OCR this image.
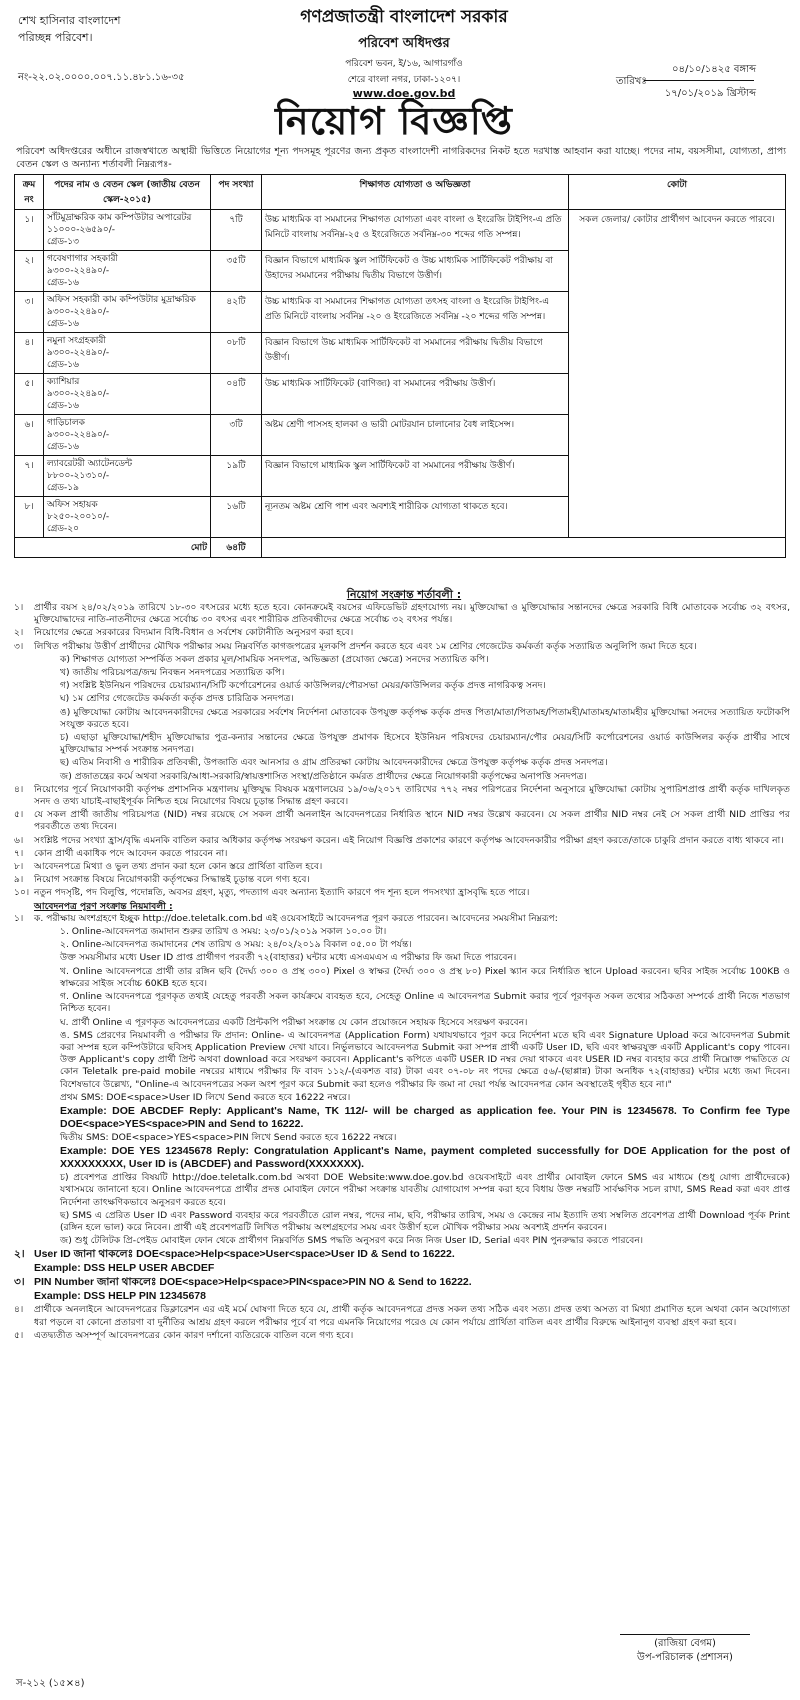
শেখ হাসিনার বাংলাদেশ
পরিচ্ছন্ন পরিবেশ।
গণপ্রজাতন্ত্রী বাংলাদেশ সরকার
পরিবেশ অধিদপ্তর
পরিবেশ ভবন, ই/১৬, আগারগাঁও
শেরে বাংলা নগর, ঢাকা-১২০৭।
www.doe.gov.bd
নং-২২.০২.০০০০.০০৭.১১.৪৮১.১৬-৩৫
০৪/১০/১৪২৫ বঙ্গাব্দ
তারিখঃ
১৭/০১/২০১৯ খ্রিস্টাব্দ
নিয়োগ বিজ্ঞপ্তি
পরিবেশ অধিদপ্তরের অধীনে রাজস্বখাতে অস্থায়ী ভিত্তিতে নিয়োগের শূন্য পদসমূহ পূরণের জন্য প্রকৃত বাংলাদেশী নাগরিকদের নিকট হতে দরখাস্ত আহবান করা যাচ্ছে। পদের নাম, বয়সসীমা, যোগ্যতা, প্রাপ্য বেতন স্কেল ও অন্যান্য শর্তাবলী নিম্নরূপঃ-
ক্রম নং	পদের নাম ও বেতন স্কেল (জাতীয় বেতন স্কেল-২০১৫)	পদ সংখ্যা	শিক্ষাগত যোগ্যতা ও অভিজ্ঞতা	কোটা
১।	সাঁটমুদ্রাক্ষরিক কাম কম্পিউটার অপারেটর
১১০০০-২৬৫৯০/-
গ্রেড-১৩	৭টি	উচ্চ মাধ্যমিক বা সমমানের শিক্ষাগত যোগ্যতা এবং বাংলা ও ইংরেজি টাইপিং-এ প্রতি মিনিটে বাংলায় সর্বনিম্ন-২৫ ও ইংরেজিতে সর্বনিম্ন-৩০ শব্দের গতি সম্পন্ন।	সকল জেলার/ কোটার প্রার্থীগণ আবেদন করতে পারবে।
২।	গবেষণাগার সহকারী
৯৩০০-২২৪৯০/-
গ্রেড-১৬	৩৫টি	বিজ্ঞান বিভাগে মাধ্যমিক স্কুল সার্টিফিকেট ও উচ্চ মাধ্যমিক সার্টিফিকেট পরীক্ষায় বা উহাদের সমমানের পরীক্ষায় দ্বিতীয় বিভাগে উত্তীর্ণ।	
৩।	অফিস সহকারী কাম কম্পিউটার মুদ্রাক্ষরিক
৯৩০০-২২৪৯০/-
গ্রেড-১৬	৪২টি	উচ্চ মাধ্যমিক বা সমমানের শিক্ষাগত যোগ্যতা তৎসহ বাংলা ও ইংরেজি টাইপিং-এ প্রতি মিনিটে বাংলায় সর্বনিম্ন -২০ ও ইংরেজিতে সর্বনিম্ন -২০ শব্দের গতি সম্পন্ন।	
৪।	নমুনা সংগ্রহকারী
৯৩০০-২২৪৯০/-
গ্রেড-১৬	০৮টি	বিজ্ঞান বিভাগে উচ্চ মাধ্যমিক সার্টিফিকেট বা সমমানের পরীক্ষায় দ্বিতীয় বিভাগে উত্তীর্ণ।	
৫।	ক্যাশিয়ার
৯৩০০-২২৪৯০/-
গ্রেড-১৬	০৪টি	উচ্চ মাধ্যমিক সার্টিফিকেট (বাণিজ্য) বা সমমানের পরীক্ষায় উত্তীর্ণ।	
৬।	গাড়িচালক
৯৩০০-২২৪৯০/-
গ্রেড-১৬	৩টি	অষ্টম শ্রেণী পাসসহ হালকা ও ভারী মোটরযান চালানোর বৈধ লাইসেন্স।	
৭।	ল্যাবরেটরী অ্যাটেনডেন্ট
৮৮০০-২১৩১০/-
গ্রেড-১৯	১৯টি	বিজ্ঞান বিভাগে মাধ্যমিক স্কুল সার্টিফিকেট বা সমমানের পরীক্ষায় উত্তীর্ণ।	
৮।	অফিস সহায়ক
৮২৫০-২০০১০/-
গ্রেড-২০	১৬টি	ন্যূনতম অষ্টম শ্রেণি পাশ এবং অবশ্যই শারীরিক যোগ্যতা থাকতে হবে।	
মোট		৬৪টি		
নিয়োগ সংক্রান্ত শর্তাবলী :
১।	প্রার্থীর বয়স ২৪/০২/২০১৯ তারিখে ১৮-৩০ বৎসরের মধ্যে হতে হবে। কোনক্রমেই বয়সের এফিডেভিট গ্রহণযোগ্য নয়। মুক্তিযোদ্ধা ও মুক্তিযোদ্ধার সন্তানদের ক্ষেত্রে সরকারি বিধি মোতাবেক সর্বোচ্চ ৩২ বৎসর, মুক্তিযোদ্ধাদের নাতি-নাতনীদের ক্ষেত্রে সর্বোচ্চ ৩০ বৎসর এবং শারীরিক প্রতিবন্ধীদের ক্ষেত্রে সর্বোচ্চ ৩২ বৎসর পর্যন্ত।
২।	নিয়োগের ক্ষেত্রে সরকারের বিদ্যমান বিধি-বিধান ও সর্বশেষ কোটানীতি অনুসরণ করা হবে।
৩।	লিখিত পরীক্ষায় উত্তীর্ণ প্রার্থীদের মৌখিক পরীক্ষার সময় নিম্নবর্ণিত কাগজপত্রের মূলকপি প্রদর্শন করতে হবে এবং ১ম শ্রেণির গেজেটেড কর্মকর্তা কর্তৃক সত্যায়িত অনুলিপি জমা দিতে হবে।
ক) শিক্ষাগত যোগ্যতা সম্পর্কিত সকল প্রকার মূল/সাময়িক সনদপত্র, অভিজ্ঞতা (প্রযোজ্য ক্ষেত্রে) সনদের সত্যায়িত কপি।
খ) জাতীয় পরিচয়পত্র/জন্ম নিবন্ধন সনদপত্রের সত্যায়িত কপি।
গ) সংশ্লিষ্ট ইউনিয়ন পরিষদের চেয়ারম্যান/সিটি কর্পোরেশনের ওয়ার্ড কাউন্সিলর/পৌরসভা মেয়র/কাউন্সিলর কর্তৃক প্রদত্ত নাগরিকত্ব সনদ।
ঘ) ১ম শ্রেণির গেজেটেড কর্মকর্তা কর্তৃক প্রদত্ত চারিত্রিক সনদপত্র।
ঙ) মুক্তিযোদ্ধা কোটায় আবেদনকারীদের ক্ষেত্রে সরকারের সর্বশেষ নির্দেশনা মোতাবেক উপযুক্ত কর্তৃপক্ষ কর্তৃক প্রদত্ত পিতা/মাতা/পিতামহ/পিতামহী/মাতামহ/মাতামহীর মুক্তিযোদ্ধা সনদের সত্যায়িত ফটোকপি সংযুক্ত করতে হবে।
চ) এছাড়া মুক্তিযোদ্ধা/শহীদ মুক্তিযোদ্ধার পুত্র-কন্যার সন্তানের ক্ষেত্রে উপযুক্ত প্রমাণক হিসেবে ইউনিয়ন পরিষদের চেয়ারম্যান/পৌর মেয়র/সিটি কর্পোরেশনের ওয়ার্ড কাউন্সিলর কর্তৃক প্রার্থীর সাথে মুক্তিযোদ্ধার সম্পর্ক সংক্রান্ত সনদপত্র।
ছ) এতিম নিবাসী ও শারীরিক প্রতিবন্ধী, উপজাতি এবং আনসার ও গ্রাম প্রতিরক্ষা কোটায় আবেদনকারীদের ক্ষেত্রে উপযুক্ত কর্তৃপক্ষ কর্তৃক প্রদত্ত সনদপত্র।
জ) প্রজাতন্ত্রের কর্মে অথবা সরকারি/আধা-সরকারি/স্বায়ত্তশাসিত সংস্থা/প্রতিষ্ঠানে কর্মরত প্রার্থীদের ক্ষেত্রে নিয়োগকারী কর্তৃপক্ষের অনাপত্তি সনদপত্র।
৪।	নিয়োগের পূর্বে নিয়োগকারী কর্তৃপক্ষ প্রশাসনিক মন্ত্রণালয় মুক্তিযুদ্ধ বিষয়ক মন্ত্রণালয়ের ১৯/০৬/২০১৭ তারিখের ৭৭২ নম্বর পরিপত্রের নির্দেশনা অনুসারে মুক্তিযোদ্ধা কোটায় সুপারিশপ্রাপ্ত প্রার্থী কর্তৃক দাখিলকৃত সনদ ও তথ্য যাচাই-বাছাইপূর্বক নিশ্চিত হয়ে নিয়োগের বিষয়ে চূড়ান্ত সিদ্ধান্ত গ্রহণ করবে।
৫।	যে সকল প্রার্থী জাতীয় পরিচয়পত্র (NID) নম্বর রয়েছে সে সকল প্রার্থী অনলাইন আবেদনপত্রের নির্ধারিত স্থানে NID নম্বর উল্লেখ করবেন। যে সকল প্রার্থীর NID নম্বর নেই সে সকল প্রার্থী NID প্রাপ্তির পর পরবর্তীতে তথ্য দিবেন।
৬।	সংশ্লিষ্ট পদের সংখ্যা হ্রাস/বৃদ্ধি এমনকি বাতিল করার অধিকার কর্তৃপক্ষ সংরক্ষণ করেন। এই নিয়োগ বিজ্ঞপ্তি প্রকাশের কারণে কর্তৃপক্ষ আবেদনকারীর পরীক্ষা গ্রহণ করতে/তাকে চাকুরি প্রদান করতে বাধ্য থাকবে না।
৭।	কোন প্রার্থী একাধিক পদে আবেদন করতে পারবেন না।
৮।	আবেদনপত্রে মিথ্যা ও ভুল তথ্য প্রদান করা হলে কোন স্তরে প্রার্থিতা বাতিল হবে।
৯।	নিয়োগ সংক্রান্ত বিষয়ে নিয়োগকারী কর্তৃপক্ষের সিদ্ধান্তই চূড়ান্ত বলে গণ্য হবে।
১০। নতুন পদসৃষ্টি, পদ বিলুপ্তি, পদোন্নতি, অবসর গ্রহণ, মৃত্যু, পদত্যাগ এবং অন্যান্য ইত্যাদি কারণে পদ শূন্য হলে পদসংখ্যা হ্রাসবৃদ্ধি হতে পারে।
আবেদনপত্র পূরণ সংক্রান্ত নিয়মাবলী :
১।	ক. পরীক্ষায় অংশগ্রহণে ইচ্ছুক http://doe.teletalk.com.bd এই ওয়েবসাইটে আবেদনপত্র পূরণ করতে পারবেন। আবেদনের সময়সীমা নিম্নরূপ:
১. Online-আবেদনপত্র জমাদান শুরুর তারিখ ও সময়: ২৩/০১/২০১৯ সকাল ১০.০০ টা।
২. Online-আবেদনপত্র জমাদানের শেষ তারিখ ও সময়: ২৪/০২/২০১৯ বিকাল ০৫.০০ টা পর্যন্ত।
উক্ত সময়সীমার মধ্যে User ID প্রাপ্ত প্রার্থীগণ পরবর্তী ৭২(বাহাত্তর) ঘন্টার মধ্যে এসএমএস এ পরীক্ষার ফি জমা দিতে পারবেন।
খ. Online আবেদনপত্রে প্রার্থী তার রঙ্গিন ছবি (দৈর্ঘ্য ৩০০ ও প্রস্থ ৩০০) Pixel ও স্বাক্ষর (দৈর্ঘ্য ৩০০ ও প্রস্থ ৮০) Pixel স্ক্যান করে নির্ধারিত স্থানে Upload করবেন। ছবির সাইজ সর্বোচ্চ 100KB ও স্বাক্ষরের সাইজ সর্বোচ্চ 60KB হতে হবে।
গ. Online আবেদনপত্রে পূরণকৃত তথ্যই যেহেতু পরবর্তী সকল কার্যক্রমে ব্যবহৃত হবে, সেহেতু Online এ আবেদনপত্র Submit করার পূর্বে পূরণকৃত সকল তথ্যের সঠিকতা সম্পর্কে প্রার্থী নিজে শতভাগ নিশ্চিত হবেন।
ঘ. প্রার্থী Online এ পূরণকৃত আবেদনপত্রের একটি প্রিন্টকপি পরীক্ষা সংক্রান্ত যে কোন প্রয়োজনে সহায়ক হিসেবে সংরক্ষণ করবেন।
ঙ. SMS প্রেরণের নিয়মাবলী ও পরীক্ষার ফি প্রদান: Online- এ আবেদনপত্র (Application Form) যথাযথভাবে পূরণ করে নির্দেশনা মতে ছবি এবং Signature Upload করে আবেদনপত্র Submit করা সম্পন্ন হলে কম্পিউটারে ছবিসহ Application Preview দেখা যাবে। নির্ভুলভাবে আবেদনপত্র Submit করা সম্পন্ন প্রার্থী একটি User ID, ছবি এবং স্বাক্ষরযুক্ত একটি Applicant's copy পাবেন। উক্ত Applicant's copy প্রার্থী প্রিন্ট অথবা download করে সংরক্ষণ করবেন। Applicant's কপিতে একটি USER ID নম্বর দেয়া থাকবে এবং USER ID নম্বর ব্যবহার করে প্রার্থী নিম্নোক্ত পদ্ধতিতে যে কোন Teletalk pre-paid mobile নম্বরের মাধ্যমে পরীক্ষার ফি বাবদ ১১২/-(একশত বার) টাকা এবং ০৭-০৮ নং পদের ক্ষেত্রে ৫৬/-(ছাপ্পান্ন) টাকা অনধিক ৭২(বাহাত্তর) ঘন্টার মধ্যে জমা দিবেন। বিশেষভাবে উল্লেখ্য, "Online-এ আবেদনপত্রের সকল অংশ পূরণ করে Submit করা হলেও পরীক্ষার ফি জমা না দেয়া পর্যন্ত আবেদনপত্র কোন অবস্থাতেই গৃহীত হবে না।"
প্রথম SMS: DOE<space>User ID লিখে Send করতে হবে 16222 নম্বরে।
Example: DOE ABCDEF Reply: Applicant's Name, TK 112/- will be charged as application fee. Your PIN is 12345678. To Confirm fee Type DOE<space>YES<space>PIN and Send to 16222.
দ্বিতীয় SMS: DOE<space>YES<space>PIN লিখে Send করতে হবে 16222 নম্বরে।
Example: DOE YES 12345678 Reply: Congratulation Applicant's Name, payment completed successfully for DOE Application for the post of XXXXXXXXX, User ID is (ABCDEF) and Password(XXXXXXX).
চ) প্রবেশপত্র প্রাপ্তির বিষয়টি http://doe.teletalk.com.bd অথবা DOE Website:www.doe.gov.bd ওয়েবসাইটে এবং প্রার্থীর মোবাইল ফোনে SMS এর মাধ্যমে (শুধু যোগ্য প্রার্থীদেরকে) যথাসময়ে জানানো হবে। Online আবেদনপত্রে প্রার্থীর প্রদত্ত মোবাইল ফোনে পরীক্ষা সংক্রান্ত যাবতীয় যোগাযোগ সম্পন্ন করা হবে বিধায় উক্ত নম্বরটি সার্বক্ষণিক সচল রাখা, SMS Read করা এবং প্রাপ্ত নির্দেশনা তাৎক্ষণিকভাবে অনুসরণ করতে হবে।
ছ) SMS এ প্রেরিত User ID এবং Password ব্যবহার করে পরবর্তীতে রোল নম্বর, পদের নাম, ছবি, পরীক্ষার তারিখ, সময় ও কেন্দ্রের নাম ইত্যাদি তথ্য সম্বলিত প্রবেশপত্র প্রার্থী Download পূর্বক Print (রঙ্গিন হলে ভাল) করে নিবেন। প্রার্থী এই প্রবেশপত্রটি লিখিত পরীক্ষায় অংশগ্রহণের সময় এবং উত্তীর্ণ হলে মৌখিক পরীক্ষার সময় অবশ্যই প্রদর্শন করবেন।
জ) শুধু টেলিটক প্রি-পেইড মোবাইল ফোন থেকে প্রার্থীগণ নিম্নবর্ণিত SMS পদ্ধতি অনুসরণ করে নিজ নিজ User ID, Serial এবং PIN পুনরুদ্ধার করতে পারবেন।
২। User ID জানা থাকলেঃ DOE<space>Help<space>User<space>User ID & Send to 16222.
Example: DSS HELP USER ABCDEF
৩। PIN Number জানা থাকলেঃ DOE<space>Help<space>PIN<space>PIN NO & Send to 16222.
Example: DSS HELP PIN 12345678
৪।	প্রার্থীকে অনলাইনে আবেদনপত্রের ডিক্লারেশন এর এই মর্মে ঘোষণা দিতে হবে যে, প্রার্থী কর্তৃক আবেদনপত্রে প্রদত্ত সকল তথ্য সঠিক এবং সত্য। প্রদত্ত তথ্য অসত্য বা মিথ্যা প্রমাণিত হলে অথবা কোন অযোগ্যতা ধরা পড়লে বা কোনো প্রতারণা বা দুর্নীতির আশ্রয় গ্রহণ করলে পরীক্ষার পূর্বে বা পরে এমনকি নিয়োগের পরেও যে কোন পর্যায়ে প্রার্থিতা বাতিল এবং প্রার্থীর বিরুদ্ধে আইনানুগ ব্যবস্থা গ্রহণ করা হবে।
৫।	এতদ্ব্যতীত অসম্পূর্ণ আবেদনপত্রের কোন কারণ দর্শানো ব্যতিরেকে বাতিল বলে গণ্য হবে।
(রাজিয়া বেগম)
উপ-পরিচালক (প্রশাসন)
স-২১২ (১৫×৪)
